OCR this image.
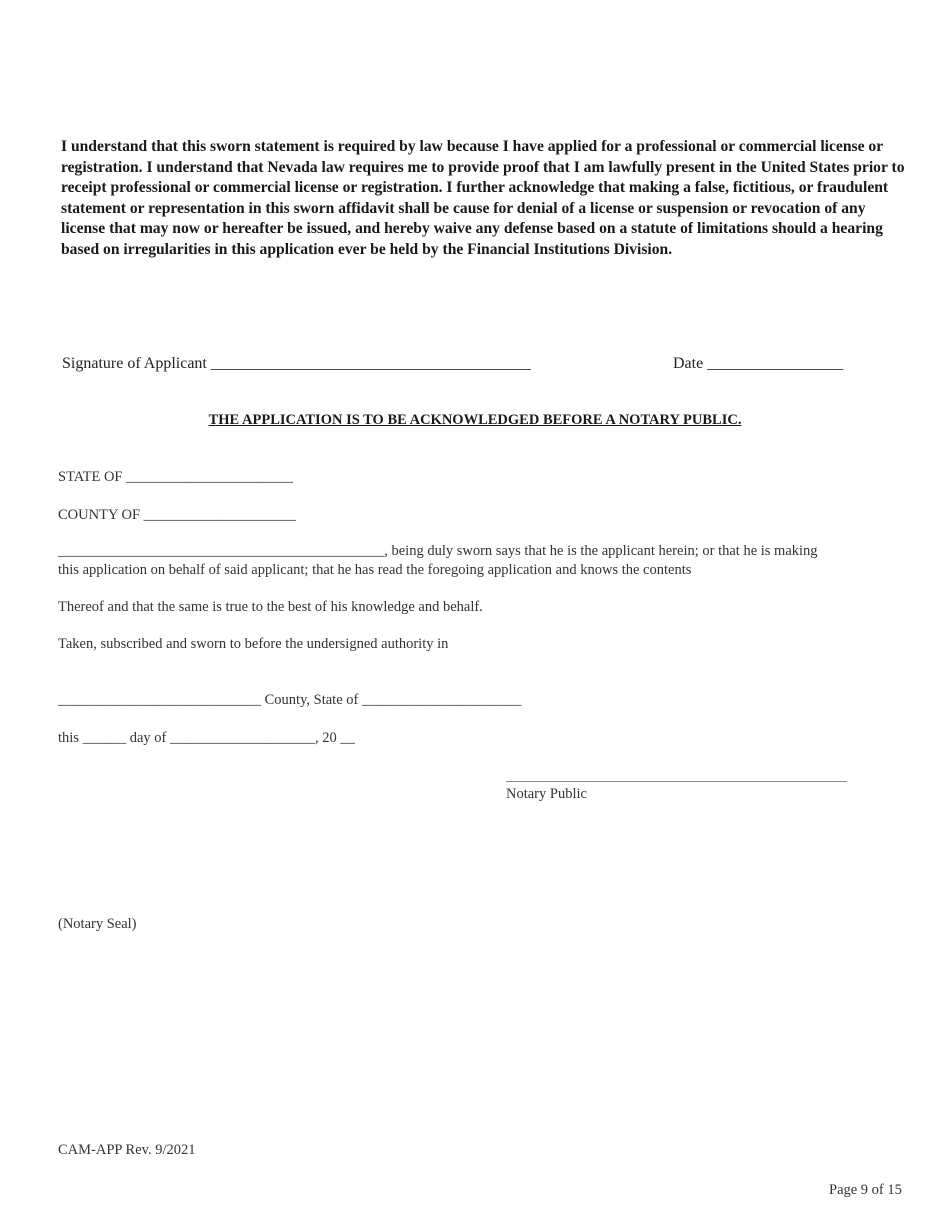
I understand that this sworn statement is required by law because I have applied for a professional or commercial license or registration. I understand that Nevada law requires me to provide proof that I am lawfully present in the United States prior to receipt professional or commercial license or registration. I further acknowledge that making a false, fictitious, or fraudulent statement or representation in this sworn affidavit shall be cause for denial of a license or suspension or revocation of any license that may now or hereafter be issued, and hereby waive any defense based on a statute of limitations should a hearing based on irregularities in this application ever be held by the Financial Institutions Division.
Signature of Applicant ________________________________________	Date _________________
THE APPLICATION IS TO BE ACKNOWLEDGED BEFORE A NOTARY PUBLIC.
STATE OF _______________________
COUNTY OF _____________________
_____________________________________________, being duly sworn says that he is the applicant herein; or that he is making
this application on behalf of said applicant; that he has read the foregoing application and knows the contents
Thereof and that the same is true to the best of his knowledge and behalf.
Taken, subscribed and sworn to before the undersigned authority in
____________________________ County, State of ______________________
this ______ day of ____________________, 20 __
Notary Public
(Notary Seal)
CAM-APP Rev. 9/2021
Page 9 of 15
